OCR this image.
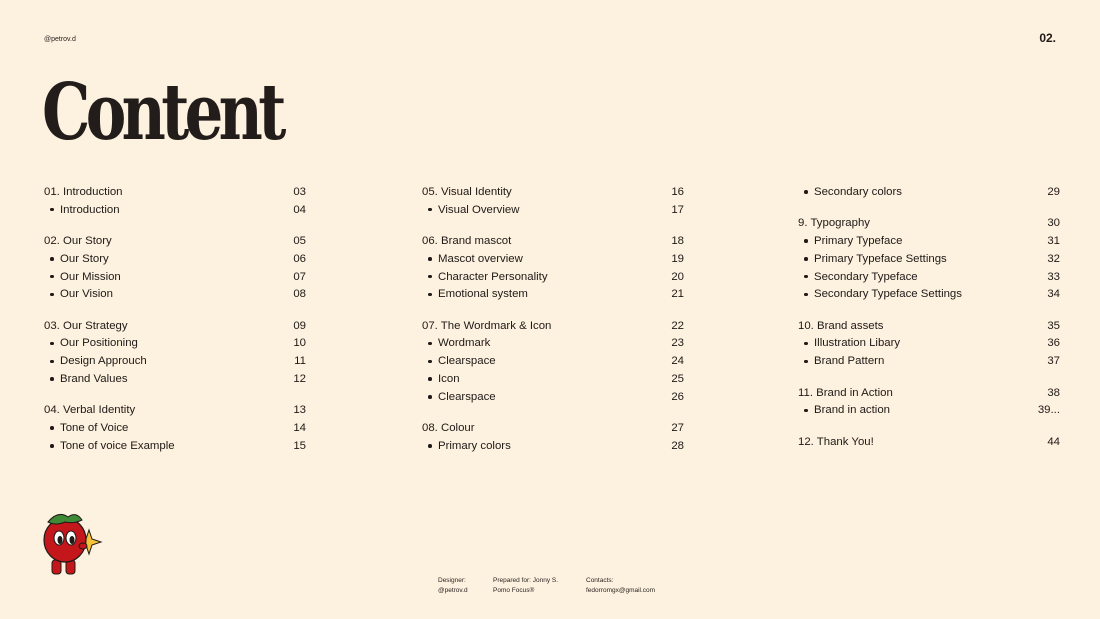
@petrov.d	02.
Content
01. Introduction	03
Introduction	04
02. Our Story	05
Our Story	06
Our Mission	07
Our Vision	08
03. Our Strategy	09
Our Positioning	10
Design Approuch	11
Brand Values	12
04. Verbal Identity	13
Tone of Voice	14
Tone of voice Example	15
05. Visual Identity	16
Visual Overview	17
06. Brand mascot	18
Mascot overview	19
Character Personality	20
Emotional system	21
07. The Wordmark & Icon	22
Wordmark	23
Clearspace	24
Icon	25
Clearspace	26
08. Colour	27
Primary colors	28
Secondary colors	29
9. Typography	30
Primary Typeface	31
Primary Typeface Settings	32
Secondary Typeface	33
Secondary Typeface Settings	34
10. Brand assets	35
Illustration Libary	36
Brand Pattern	37
11. Brand in Action	38
Brand in action	39...
12. Thank You!	44
Designer:
@petrov.d
Prepared for: Jonny S.
Pomo Focus®
Contacts:
fedorromgx@gmail.com
